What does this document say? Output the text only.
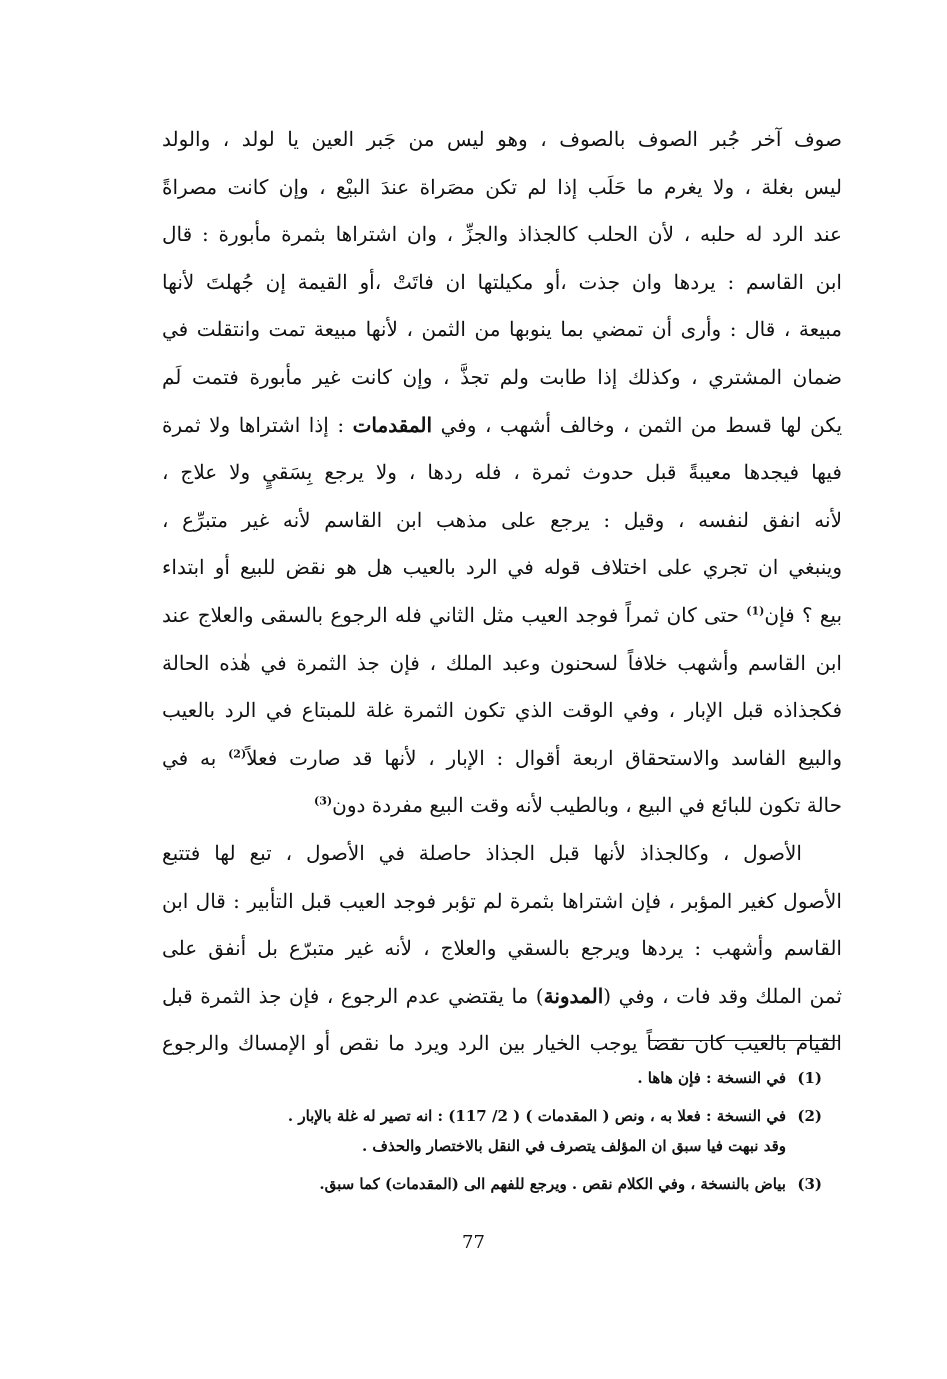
صوف آخر جُبر الصوف بالصوف ، وهو ليس من جَبر العين يا لولد ، والولد
ليس بغلة ، ولا يغرم ما حَلَب إذا لم تكن مصَراة عندَ البيْع ، وإن كانت مصراةً
عند الرد له حلبه ، لأن الحلب كالجذاذ والجزِّ ، وان اشتراها بثمرة مأبورة : قال
ابن القاسم : يردها وان جذت ،أو مكيلتها ان فاتَتْ ،أو القيمة إن جُهلتَ لأنها
مبيعة ، قال : وأرى أن تمضي بما ينوبها من الثمن ، لأنها مبيعة تمت وانتقلت في
ضمان المشتري ، وكذلك إذا طابت ولم تجذَّ ، وإن كانت غير مأبورة فتمت لَم
يكن لها قسط من الثمن ، وخالف أشهب ، وفي المقدمات : إذا اشتراها ولا ثمرة
فيها فيجدها معيبةً قبل حدوث ثمرة ، فله ردها ، ولا يرجع بِسَقيٍ ولا علاج ،
لأنه انفق لنفسه ، وقيل : يرجع على مذهب ابن القاسم لأنه غير متبرِّع ،
وينبغي ان تجري على اختلاف قوله في الرد بالعيب هل هو نقض للبيع أو ابتداء
بيع ؟ فإن$^{(1)}$ حتى كان ثمراً فوجد العيب مثل الثاني فله الرجوع بالسقى والعلاج عند
ابن القاسم وأشهب خلافاً لسحنون وعبد الملك ، فإن جذ الثمرة في هٰذه الحالة
فكجذاذه قبل الإبار ، وفي الوقت الذي تكون الثمرة غلة للمبتاع في الرد بالعيب
والبيع الفاسد والاستحقاق اربعة أقوال : الإبار ، لأنها قد صارت فعلاً$^{(2)}$ به في
حالة تكون للبائع في البيع ، وبالطيب لأنه وقت البيع مفردة دون$^{(3)}$
الأصول ، وكالجذاذ لأنها قبل الجذاذ حاصلة في الأصول ، تبع لها فتتبع
الأصول كغير المؤبر ، فإن اشتراها بثمرة لم تؤبر فوجد العيب قبل التأبير : قال ابن
القاسم وأشهب : يردها ويرجع بالسقي والعلاج ، لأنه غير متبرّع بل أنفق على
ثمن الملك وقد فات ، وفي (المدونة) ما يقتضي عدم الرجوع ، فإن جذ الثمرة قبل
القيام بالعيب كان نقضاً يوجب الخيار بين الرد ويرد ما نقص أو الإمساك والرجوع
(1)
في النسخة : فإن هاها .
(2)
في النسخة : فعلا به ، ونص ( المقدمات ) ( 2/ 117) : انه تصير له غلة بالإبار .
وقد نبهت فيا سبق ان المؤلف يتصرف في النقل بالاختصار والحذف .
(3)
بياض بالنسخة ، وفي الكلام نقص . ويرجع للفهم الى (المقدمات) كما سبق.
77
